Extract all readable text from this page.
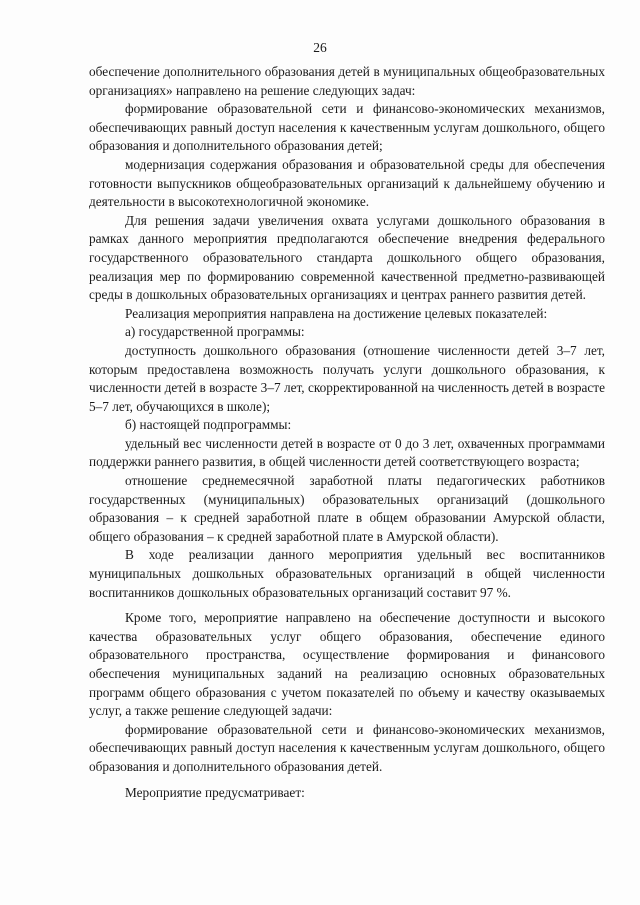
26

обеспечение дополнительного образования детей в муниципальных общеобразовательных организациях» направлено на решение следующих задач:

формирование образовательной сети и финансово-экономических механизмов, обеспечивающих равный доступ населения к качественным услугам дошкольного, общего образования и дополнительного образования детей;

модернизация содержания образования и образовательной среды для обеспечения готовности выпускников общеобразовательных организаций к дальнейшему обучению и деятельности в высокотехнологичной экономике.

Для решения задачи увеличения охвата услугами дошкольного образования в рамках данного мероприятия предполагаются обеспечение внедрения федерального государственного образовательного стандарта дошкольного общего образования, реализация мер по формированию современной качественной предметно-развивающей среды в дошкольных образовательных организациях и центрах раннего развития детей.

Реализация мероприятия направлена на достижение целевых показателей:

а) государственной программы:

доступность дошкольного образования (отношение численности детей 3–7 лет, которым предоставлена возможность получать услуги дошкольного образования, к численности детей в возрасте 3–7 лет, скорректированной на численность детей в возрасте 5–7 лет, обучающихся в школе);

б) настоящей подпрограммы:

удельный вес численности детей в возрасте от 0 до 3 лет, охваченных программами поддержки раннего развития, в общей численности детей соответствующего возраста;

отношение среднемесячной заработной платы педагогических работников государственных (муниципальных) образовательных организаций (дошкольного образования – к средней заработной плате в общем образовании Амурской области, общего образования – к средней заработной плате в Амурской области).

В ходе реализации данного мероприятия удельный вес воспитанников муниципальных дошкольных образовательных организаций в общей численности воспитанников дошкольных образовательных организаций составит 97 %.

Кроме того, мероприятие направлено на обеспечение доступности и высокого качества образовательных услуг общего образования, обеспечение единого образовательного пространства, осуществление формирования и финансового обеспечения муниципальных заданий на реализацию основных образовательных программ общего образования с учетом показателей по объему и качеству оказываемых услуг, а также решение следующей задачи:

формирование образовательной сети и финансово-экономических механизмов, обеспечивающих равный доступ населения к качественным услугам дошкольного, общего образования и дополнительного образования детей.

Мероприятие предусматривает:
